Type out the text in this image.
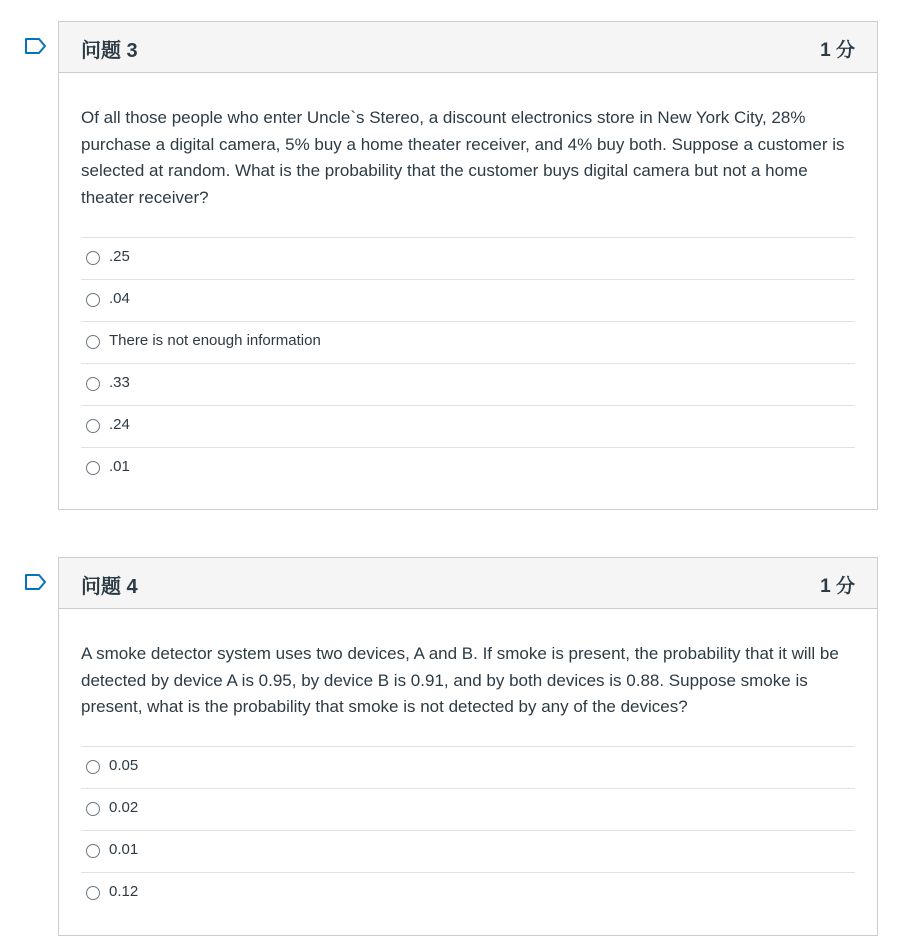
问题 3	1 分
Of all those people who enter Uncle`s Stereo, a discount electronics store in New York City, 28% purchase a digital camera, 5% buy a home theater receiver, and 4% buy both. Suppose a customer is selected at random. What is the probability that the customer buys digital camera but not a home theater receiver?
.25
.04
There is not enough information
.33
.24
.01
问题 4	1 分
A smoke detector system uses two devices, A and B. If smoke is present, the probability that it will be detected by device A is 0.95, by device B is 0.91, and by both devices is 0.88. Suppose smoke is present, what is the probability that smoke is not detected by any of the devices?
0.05
0.02
0.01
0.12
